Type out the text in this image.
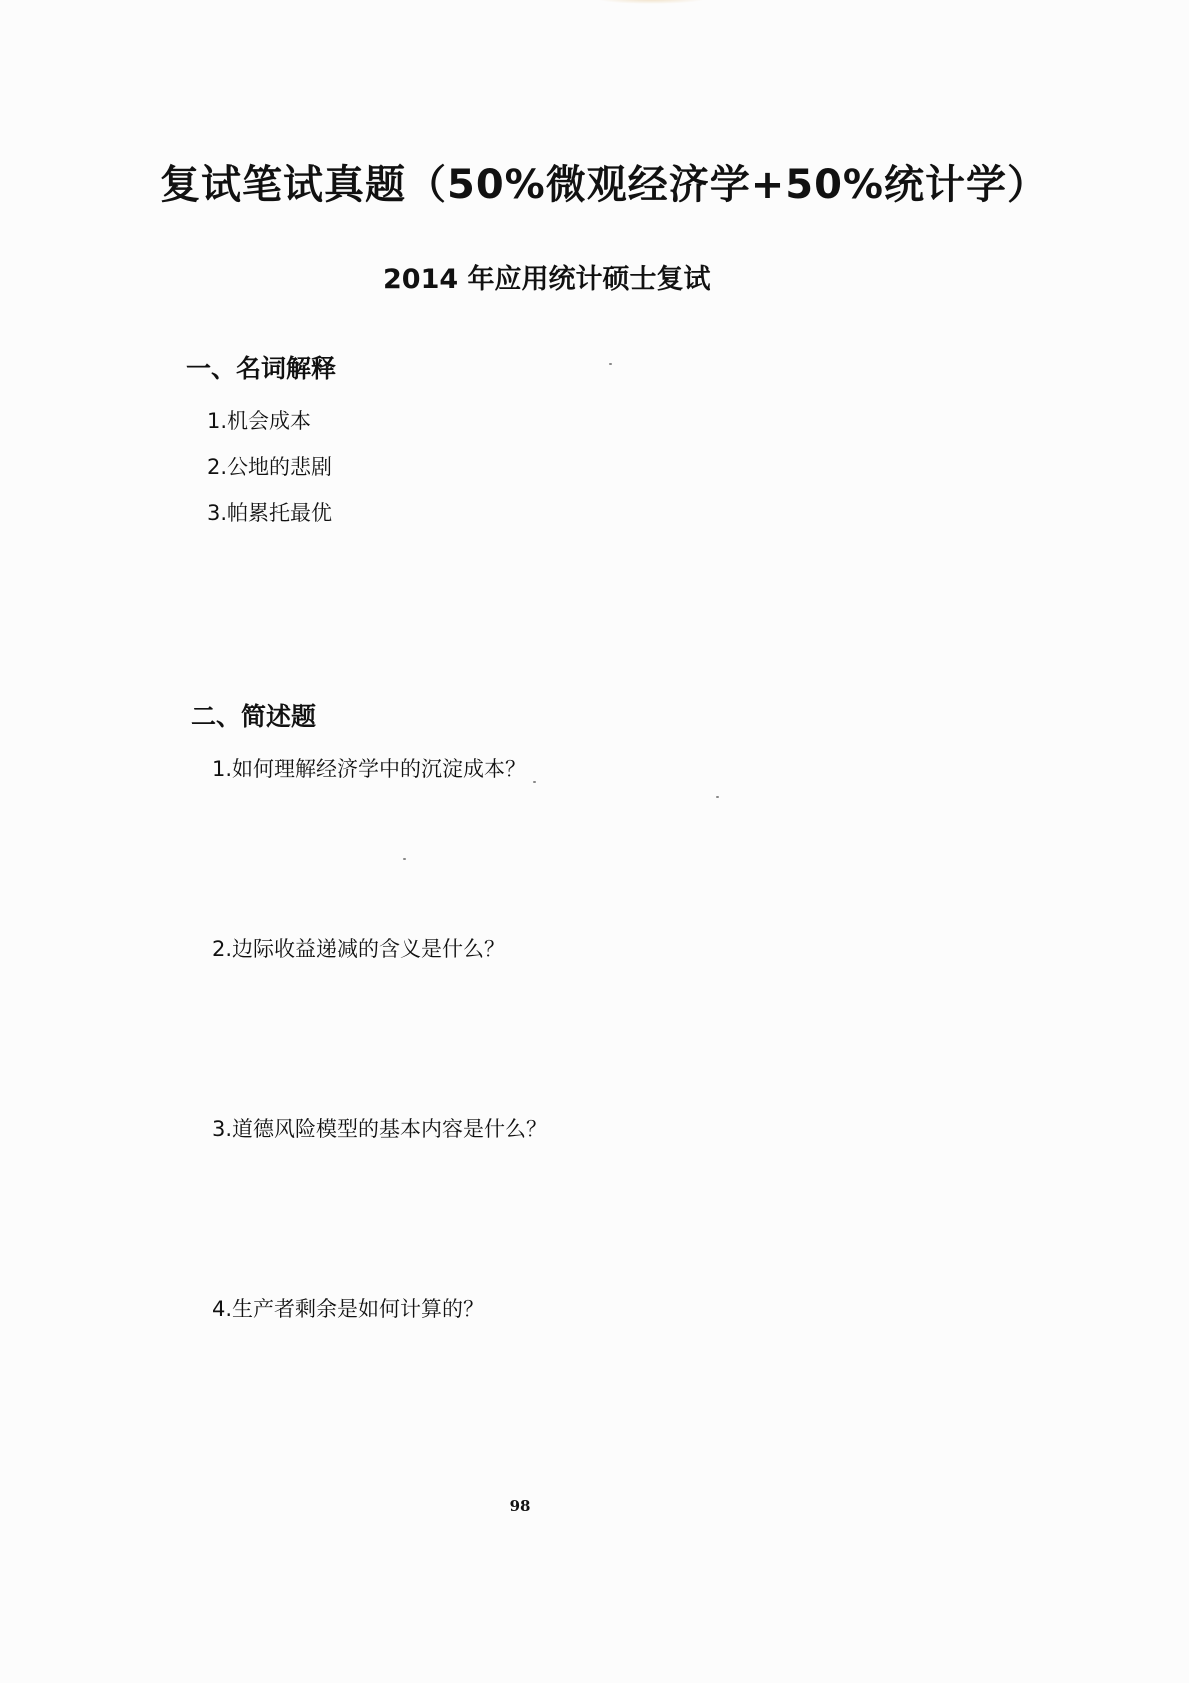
复试笔试真题（50%微观经济学+50%统计学）
2014 年应用统计硕士复试
一、名词解释
1.机会成本
2.公地的悲剧
3.帕累托最优
二、简述题
1.如何理解经济学中的沉淀成本？
2.边际收益递减的含义是什么？
3.道德风险模型的基本内容是什么？
4.生产者剩余是如何计算的？
98
